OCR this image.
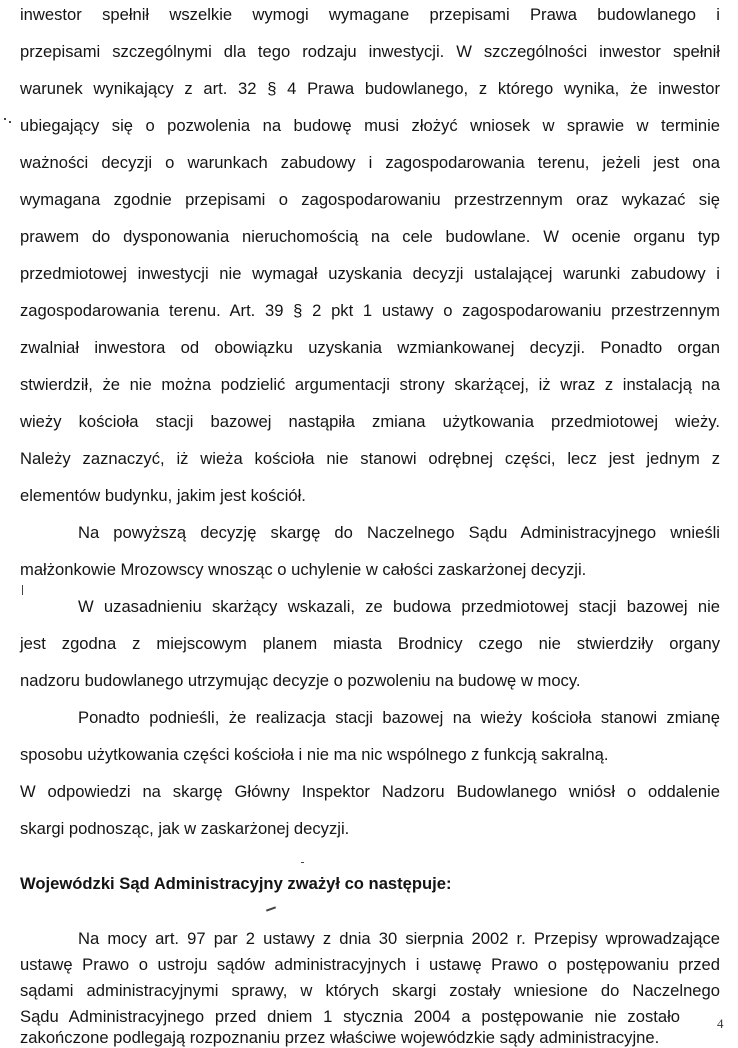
inwestor spełnił wszelkie wymogi wymagane przepisami Prawa budowlanego i
przepisami szczególnymi dla tego rodzaju inwestycji. W szczególności inwestor spełnił
warunek wynikający z art. 32 § 4 Prawa budowlanego, z którego wynika, że inwestor
ubiegający się o pozwolenia na budowę musi złożyć wniosek w sprawie w terminie
ważności decyzji o warunkach zabudowy i zagospodarowania terenu, jeżeli jest ona
wymagana zgodnie przepisami o zagospodarowaniu przestrzennym oraz wykazać się
prawem do dysponowania nieruchomością na cele budowlane. W ocenie organu typ
przedmiotowej inwestycji nie wymagał uzyskania decyzji ustalającej warunki zabudowy i
zagospodarowania terenu. Art. 39 § 2 pkt 1 ustawy o zagospodarowaniu przestrzennym
zwalniał inwestora od obowiązku uzyskania wzmiankowanej decyzji. Ponadto organ
stwierdził, że nie można podzielić argumentacji strony skarżącej, iż wraz z instalacją na
wieży kościoła stacji bazowej nastąpiła zmiana użytkowania przedmiotowej wieży.
Należy zaznaczyć, iż wieża kościoła nie stanowi odrębnej części, lecz jest jednym z
elementów budynku, jakim jest kościół.
Na powyższą decyzję skargę do Naczelnego Sądu Administracyjnego wnieśli
małżonkowie Mrozowscy wnosząc o uchylenie w całości zaskarżonej decyzji.
W uzasadnieniu skarżący wskazali, ze budowa przedmiotowej stacji bazowej nie
jest zgodna z miejscowym planem miasta Brodnicy czego nie stwierdziły organy
nadzoru budowlanego utrzymując decyzje o pozwoleniu na budowę w mocy.
Ponadto podnieśli, że realizacja stacji bazowej na wieży kościoła stanowi zmianę
sposobu użytkowania części kościoła i nie ma nic wspólnego z funkcją sakralną.
W odpowiedzi na skargę Główny Inspektor Nadzoru Budowlanego wniósł o oddalenie
skargi podnosząc, jak w zaskarżonej decyzji.
Wojewódzki Sąd Administracyjny zważył co następuje:
Na mocy art. 97 par 2 ustawy z dnia 30 sierpnia 2002 r. Przepisy wprowadzające
ustawę Prawo o ustroju sądów administracyjnych i ustawę Prawo o postępowaniu przed
sądami administracyjnymi sprawy, w których skargi zostały wniesione do Naczelnego
Sądu Administracyjnego przed dniem 1 stycznia 2004 a postępowanie nie zostało
zakończone podlegają rozpoznaniu przez właściwe wojewódzkie sądy administracyjne.
4
